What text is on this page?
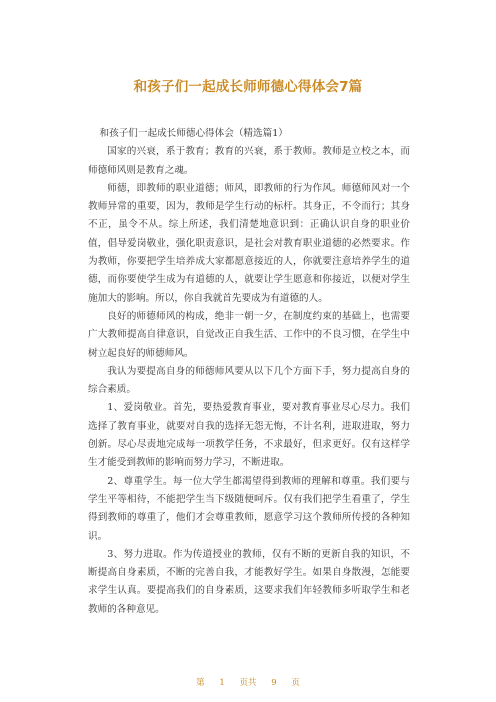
和孩子们一起成长师师德心得体会7篇

和孩子们一起成长师德心得体会（精选篇1）

国家的兴衰，系于教育；教育的兴衰，系于教师。教师是立校之本，而师德师风则是教育之魂。

师德，即教师的职业道德；师风，即教师的行为作风。师德师风对一个教师异常的重要，因为，教师是学生行动的标杆。其身正，不令而行；其身不正，虽令不从。综上所述，我们清楚地意识到：正确认识自身的职业价值，倡导爱岗敬业，强化职责意识，是社会对教育职业道德的必然要求。作为教师，你要把学生培养成大家都愿意接近的人，你就要注意培养学生的道德，而你要使学生成为有道德的人，就要让学生愿意和你接近，以便对学生施加大的影响。所以，你自我就首先要成为有道德的人。

良好的师德师风的构成，绝非一朝一夕，在制度约束的基础上，也需要广大教师提高自律意识，自觉改正自我生活、工作中的不良习惯，在学生中树立起良好的师德师风。

我认为要提高自身的师德师风要从以下几个方面下手，努力提高自身的综合素质。

1、爱岗敬业。首先，要热爱教育事业，要对教育事业尽心尽力。我们选择了教育事业，就要对自我的选择无怨无悔，不计名利，进取进取，努力创新。尽心尽责地完成每一项教学任务，不求最好，但求更好。仅有这样学生才能受到教师的影响而努力学习，不断进取。

2、尊重学生。每一位大学生都渴望得到教师的理解和尊重。我们要与学生平等相待，不能把学生当下级随便呵斥。仅有我们把学生看重了，学生得到教师的尊重了，他们才会尊重教师，愿意学习这个教师所传授的各种知识。

3、努力进取。作为传道授业的教师，仅有不断的更新自我的知识，不断提高自身素质，不断的完善自我，才能教好学生。如果自身散漫，怎能要求学生认真。要提高我们的自身素质，这要求我们年轻教师多听取学生和老教师的各种意见。

第 1 页共 9 页
